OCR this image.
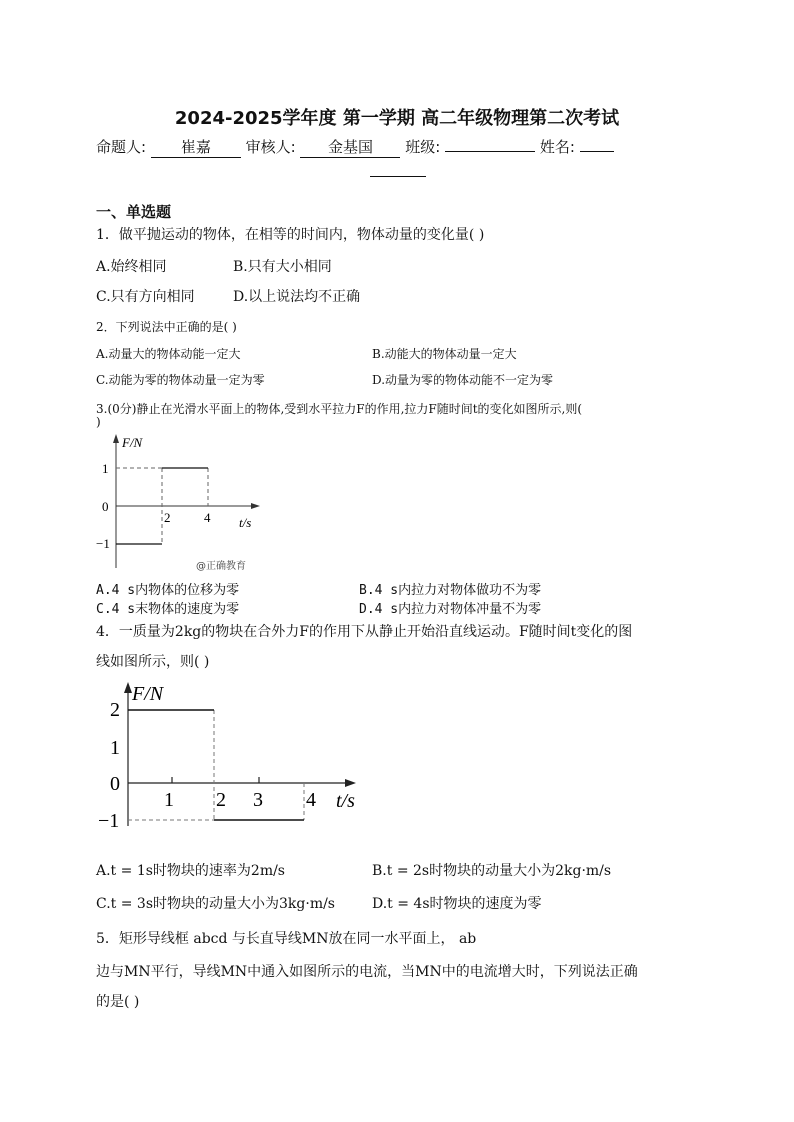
2024-2025学年度 第一学期 高二年级物理第二次考试
命题人: 崔嘉 审核人: 金基国 班级:	姓名:
一、单选题
1．做平抛运动的物体，在相等的时间内，物体动量的变化量( )
A.始终相同	B.只有大小相同
C.只有方向相同	D.以上说法均不正确
2．下列说法中正确的是( )
A.动量大的物体动能一定大	B.动能大的物体动量一定大
C.动能为零的物体动量一定为零	D.动量为零的物体动能不一定为零
3.(0分)静止在光滑水平面上的物体,受到水平拉力F的作用,拉力F随时间t的变化如图所示,则(
)
F/N
t/s
1
0
−1
2	4
@正确教育
A.4 s内物体的位移为零	B.4 s内拉力对物体做功不为零
C.4 s末物体的速度为零	D.4 s内拉力对物体冲量不为零
4．一质量为2kg的物块在合外力F的作用下从静止开始沿直线运动。F随时间t变化的图
线如图所示，则( )
F/N
t/s
2
1
0
−1
1 2 3 4
A.t = 1s时物块的速率为2m/s	B.t = 2s时物块的动量大小为2kg·m/s
C.t = 3s时物块的动量大小为3kg·m/s	D.t = 4s时物块的速度为零
5．矩形导线框 abcd 与长直导线MN放在同一水平面上， ab
边与MN平行，导线MN中通入如图所示的电流，当MN中的电流增大时，下列说法正确
的是( )
